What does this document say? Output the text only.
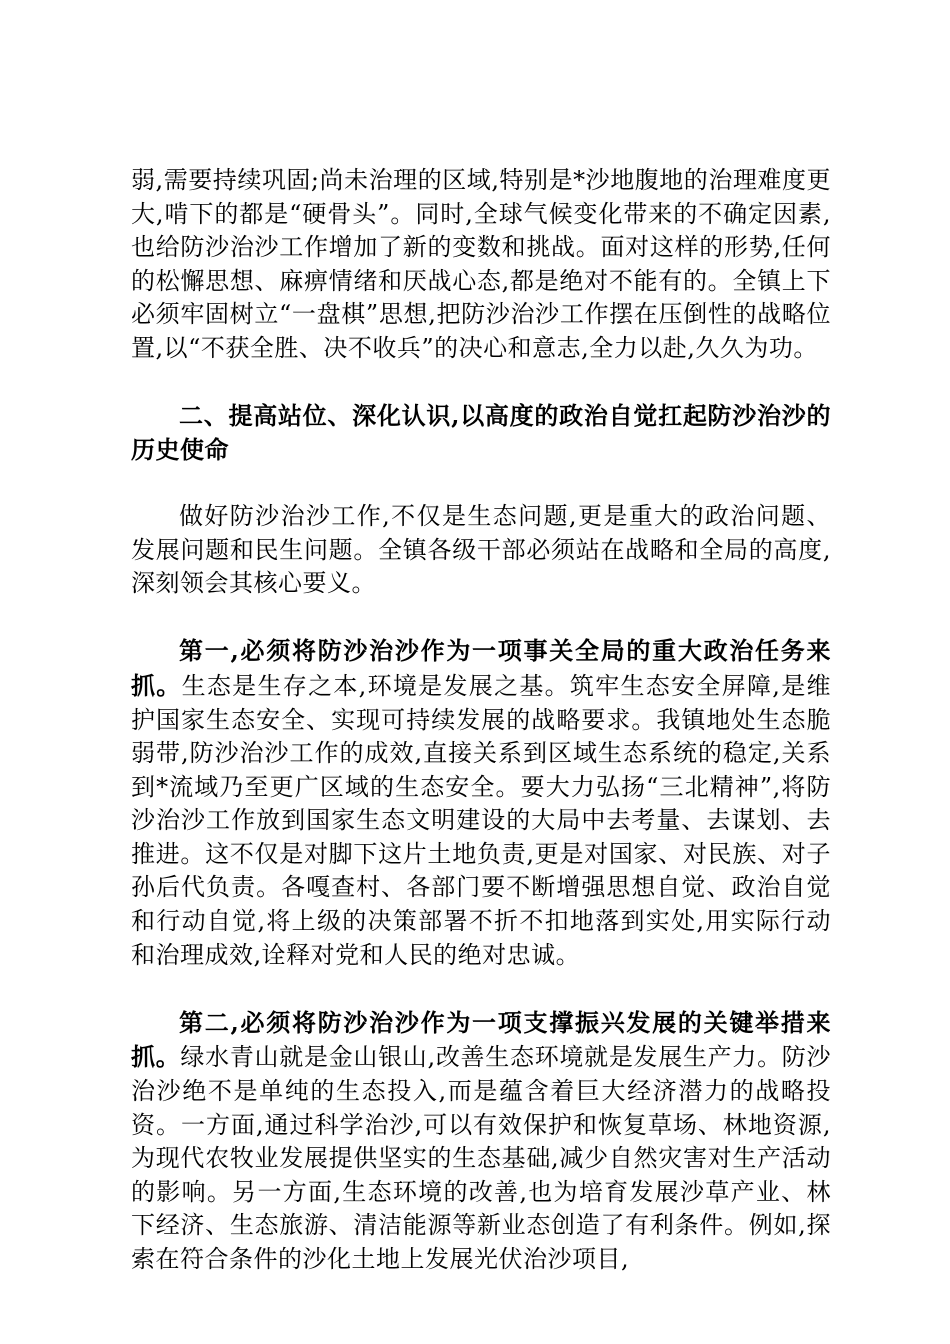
弱,需要持续巩固;尚未治理的区域,特别是*沙地腹地的治理难度更大,啃下的都是“硬骨头”。同时,全球气候变化带来的不确定因素,也给防沙治沙工作增加了新的变数和挑战。面对这样的形势,任何的松懈思想、麻痹情绪和厌战心态,都是绝对不能有的。全镇上下必须牢固树立“一盘棋”思想,把防沙治沙工作摆在压倒性的战略位置,以“不获全胜、决不收兵”的决心和意志,全力以赴,久久为功。

二、提高站位、深化认识,以高度的政治自觉扛起防沙治沙的历史使命

做好防沙治沙工作,不仅是生态问题,更是重大的政治问题、发展问题和民生问题。全镇各级干部必须站在战略和全局的高度,深刻领会其核心要义。

第一,必须将防沙治沙作为一项事关全局的重大政治任务来抓。生态是生存之本,环境是发展之基。筑牢生态安全屏障,是维护国家生态安全、实现可持续发展的战略要求。我镇地处生态脆弱带,防沙治沙工作的成效,直接关系到区域生态系统的稳定,关系到*流域乃至更广区域的生态安全。要大力弘扬“三北精神”,将防沙治沙工作放到国家生态文明建设的大局中去考量、去谋划、去推进。这不仅是对脚下这片土地负责,更是对国家、对民族、对子孙后代负责。各嘎查村、各部门要不断增强思想自觉、政治自觉和行动自觉,将上级的决策部署不折不扣地落到实处,用实际行动和治理成效,诠释对党和人民的绝对忠诚。

第二,必须将防沙治沙作为一项支撑振兴发展的关键举措来抓。绿水青山就是金山银山,改善生态环境就是发展生产力。防沙治沙绝不是单纯的生态投入,而是蕴含着巨大经济潜力的战略投资。一方面,通过科学治沙,可以有效保护和恢复草场、林地资源,为现代农牧业发展提供坚实的生态基础,减少自然灾害对生产活动的影响。另一方面,生态环境的改善,也为培育发展沙草产业、林下经济、生态旅游、清洁能源等新业态创造了有利条件。例如,探索在符合条件的沙化土地上发展光伏治沙项目,
